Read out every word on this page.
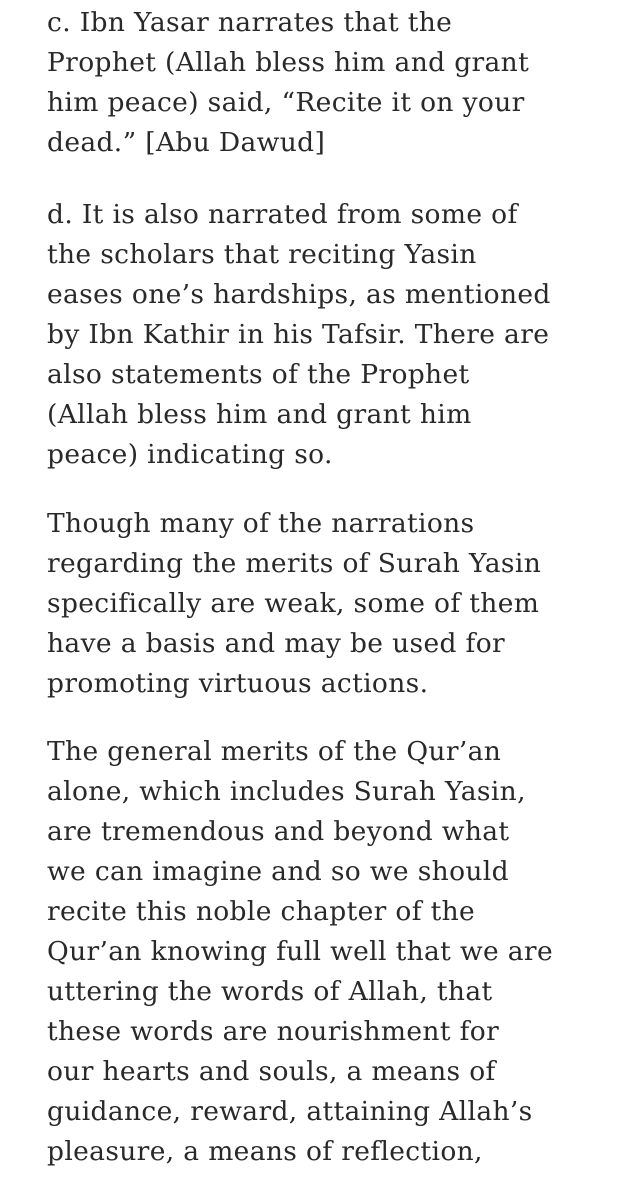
c. Ibn Yasar narrates that the
Prophet (Allah bless him and grant
him peace) said, “Recite it on your
dead.” [Abu Dawud]

d. It is also narrated from some of
the scholars that reciting Yasin
eases one’s hardships, as mentioned
by Ibn Kathir in his Tafsir. There are
also statements of the Prophet
(Allah bless him and grant him
peace) indicating so.

Though many of the narrations
regarding the merits of Surah Yasin
specifically are weak, some of them
have a basis and may be used for
promoting virtuous actions.

The general merits of the Qur’an
alone, which includes Surah Yasin,
are tremendous and beyond what
we can imagine and so we should
recite this noble chapter of the
Qur’an knowing full well that we are
uttering the words of Allah, that
these words are nourishment for
our hearts and souls, a means of
guidance, reward, attaining Allah’s
pleasure, a means of reflection,
